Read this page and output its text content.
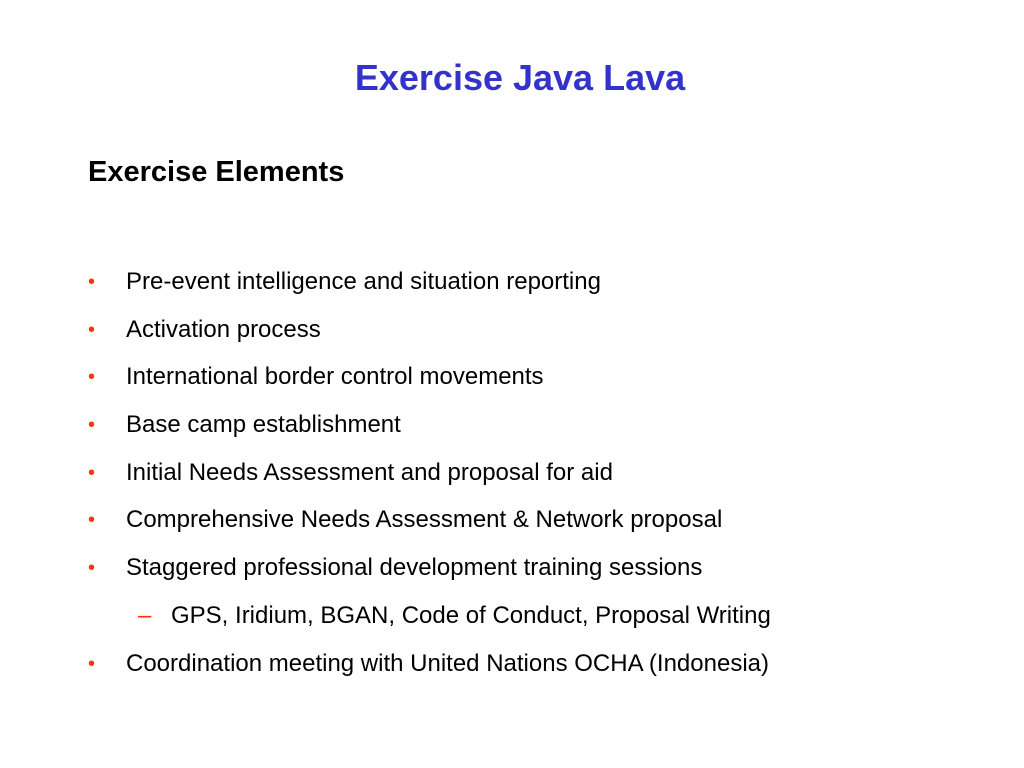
Exercise Java Lava
Exercise Elements
• Pre-event intelligence and situation reporting
• Activation process
• International border control movements
• Base camp establishment
• Initial Needs Assessment and proposal for aid
• Comprehensive Needs Assessment & Network proposal
• Staggered professional development training sessions
– GPS, Iridium, BGAN, Code of Conduct, Proposal Writing
• Coordination meeting with United Nations OCHA (Indonesia)
